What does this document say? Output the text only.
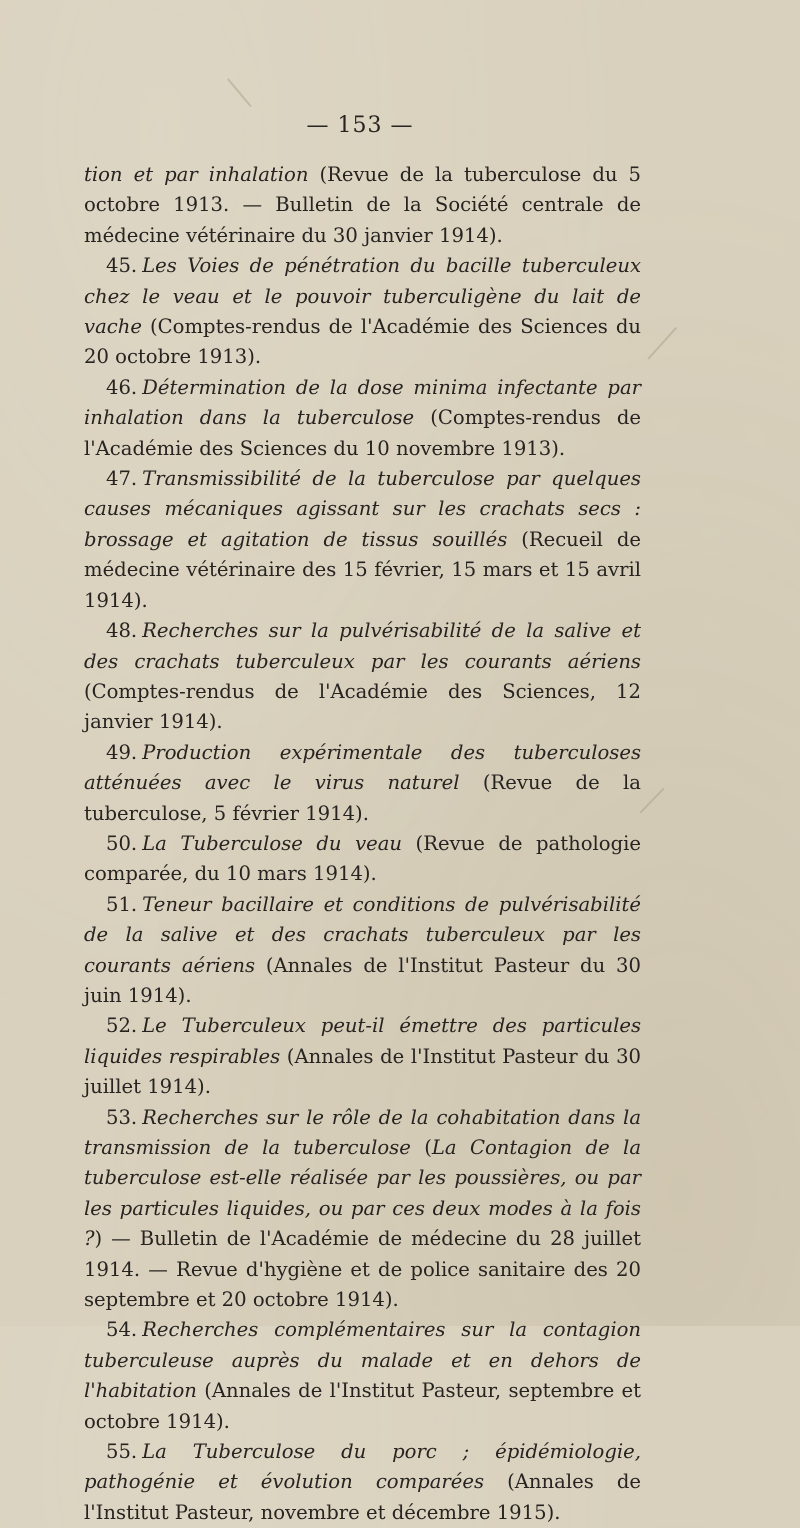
— 153 —

tion et par inhalation (Revue de la tuberculose du 5 octobre 1913. — Bulletin de la Société centrale de médecine vétérinaire du 30 janvier 1914).

45. Les Voies de pénétration du bacille tuberculeux chez le veau et le pouvoir tuberculigène du lait de vache (Comptes-rendus de l'Académie des Sciences du 20 octobre 1913).

46. Détermination de la dose minima infectante par inhalation dans la tuberculose (Comptes-rendus de l'Académie des Sciences du 10 novembre 1913).

47. Transmissibilité de la tuberculose par quelques causes mécaniques agissant sur les crachats secs : brossage et agitation de tissus souillés (Recueil de médecine vétérinaire des 15 février, 15 mars et 15 avril 1914).

48. Recherches sur la pulvérisabilité de la salive et des crachats tuberculeux par les courants aériens (Comptes-rendus de l'Académie des Sciences, 12 janvier 1914).

49. Production expérimentale des tuberculoses atténuées avec le virus naturel (Revue de la tuberculose, 5 février 1914).

50. La Tuberculose du veau (Revue de pathologie comparée, du 10 mars 1914).

51. Teneur bacillaire et conditions de pulvérisabilité de la salive et des crachats tuberculeux par les courants aériens (Annales de l'Institut Pasteur du 30 juin 1914).

52. Le Tuberculeux peut-il émettre des particules liquides respirables (Annales de l'Institut Pasteur du 30 juillet 1914).

53. Recherches sur le rôle de la cohabitation dans la transmission de la tuberculose (La Contagion de la tuberculose est-elle réalisée par les poussières, ou par les particules liquides, ou par ces deux modes à la fois ?) — Bulletin de l'Académie de médecine du 28 juillet 1914. — Revue d'hygiène et de police sanitaire des 20 septembre et 20 octobre 1914).

54. Recherches complémentaires sur la contagion tuberculeuse auprès du malade et en dehors de l'habitation (Annales de l'Institut Pasteur, septembre et octobre 1914).

55. La Tuberculose du porc ; épidémiologie, pathogénie et évolution comparées (Annales de l'Institut Pasteur, novembre et décembre 1915).
